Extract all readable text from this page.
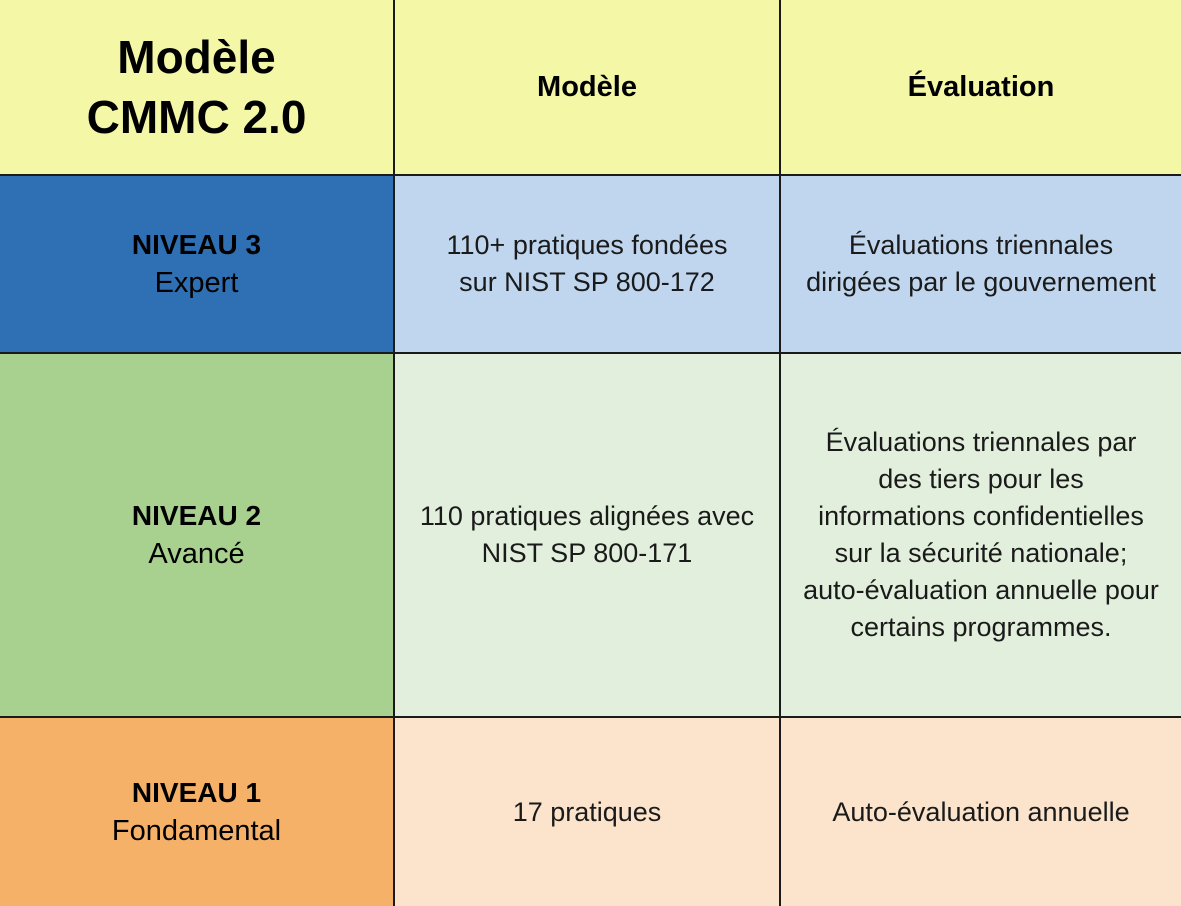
Modèle
CMMC 2.0
Modèle	Évaluation
NIVEAU 3
Expert
110+ pratiques fondées
sur NIST SP 800-172
Évaluations triennales
dirigées par le gouvernement
NIVEAU 2
Avancé
110 pratiques alignées avec
NIST SP 800-171
Évaluations triennales par
des tiers pour les
informations confidentielles
sur la sécurité nationale;
auto-évaluation annuelle pour
certains programmes.
NIVEAU 1
Fondamental
17 pratiques	Auto-évaluation annuelle
